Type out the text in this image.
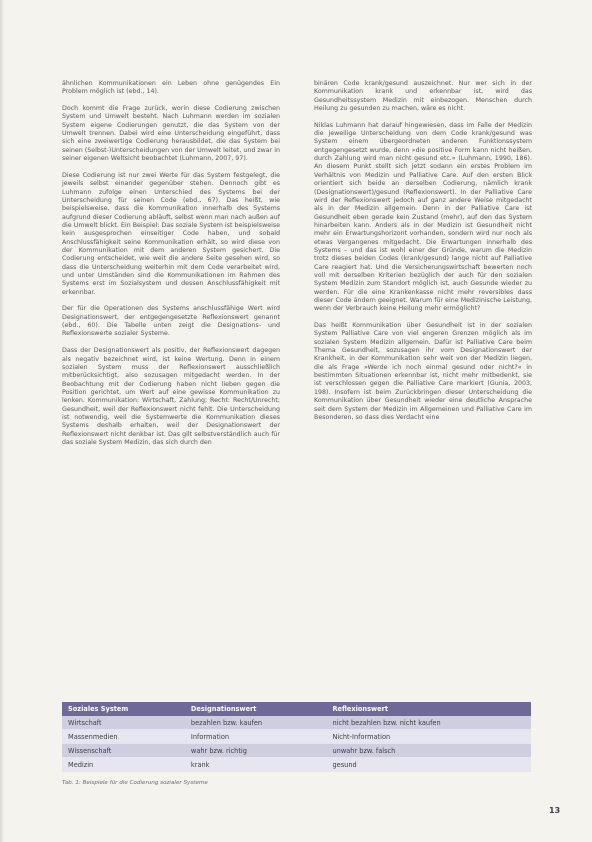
ähnlichen Kommunikationen ein Leben ohne genügendes Ein Problem möglich ist (ebd., 14).

Doch kommt die Frage zurück, worin diese Codierung zwischen System und Umwelt besteht. Nach Luhmann werden im sozialen System eigene Codierungen genutzt, die das System von der Umwelt trennen. Dabei wird eine Unterscheidung eingeführt, dass sich eine zweiwertige Codierung herausbildet, die das System bei seinen (Selbst-)Unterscheidungen von der Umwelt leitet, und zwar in seiner eigenen Weltsicht beobachtet (Luhmann, 2007, 97).

Diese Codierung ist nur zwei Werte für das System festgelegt, die jeweils selbst einander gegenüber stehen. Dennoch gibt es Luhmann zufolge einen Unterschied des Systems bei der Unterscheidung für seinen Code (ebd., 67). Das heißt, wie beispielsweise, dass die Kommunikation innerhalb des Systems aufgrund dieser Codierung abläuft, selbst wenn man nach außen auf die Umwelt blickt. Ein Beispiel: Das soziale System ist beispielsweise kein ausgesprochen einseitiger Code haben, und sobald Anschlussfähigkeit seine Kommunikation erhält, so wird diese von der Kommunikation mit dem anderen System gesichert. Die Codierung entscheidet, wie weit die andere Seite gesehen wird, so dass die Unterscheidung weiterhin mit dem Code verarbeitet wird, und unter Umständen sind die Kommunikationen im Rahmen des Systems erst im Sozialsystem und dessen Anschlussfähigkeit mit erkennbar.

Der für die Operationen des Systems anschlussfähige Wert wird Designationswert, der entgegengesetzte Reflexionswert genannt (ebd., 60). Die Tabelle unten zeigt die Designations- und Reflexionswerte sozialer Systeme.

Dass der Designationswert als positiv, der Reflexionswert dagegen als negativ bezeichnet wird, ist keine Wertung. Denn in einem sozialen System muss der Reflexionswert ausschließlich mitberücksichtigt, also sozusagen mitgedacht werden. In der Beobachtung mit der Codierung haben nicht lieben gegen die Position gerichtet, um Wert auf eine gewisse Kommunikation zu lenken. Kommunikation: Wirtschaft, Zahlung; Recht: Recht/Unrecht; Gesundheit, weil der Reflexionswert nicht fehlt. Die Unterscheidung ist notwendig, weil die Systemwerte die Kommunikation dieses Systems deshalb erhalten, weil der Designationswert der Reflexionswert nicht denkbar ist. Das gilt selbstverständlich auch für das soziale System Medizin, das sich durch den

binären Code krank/gesund auszeichnet. Nur wer sich in der Kommunikation krank und erkennbar ist, wird das Gesundheitssystem Medizin mit einbezogen. Menschen durch Heilung zu gesunden zu machen, wäre es nicht.

Niklas Luhmann hat darauf hingewiesen, dass im Falle der Medizin die jeweilige Unterscheidung von dem Code krank/gesund was System einem übergeordneten anderen Funktionssystem entgegengesetzt wurde, denn »die positive Form kann nicht heißen, durch Zahlung wird man nicht gesund etc.« (Luhmann, 1990, 186). An diesem Punkt stellt sich jetzt sodann ein erstes Problem im Verhältnis von Medizin und Palliative Care. Auf den ersten Blick orientiert sich beide an derselben Codierung, nämlich krank (Designationswert)/gesund (Reflexionswert). In der Palliative Care wird der Reflexionswert jedoch auf ganz andere Weise mitgedacht als in der Medizin allgemein. Denn in der Palliative Care ist Gesundheit eben gerade kein Zustand (mehr), auf den das System hinarbeiten kann. Anders als in der Medizin ist Gesundheit nicht mehr ein Erwartungshorizont vorhanden, sondern wird nur noch als etwas Vergangenes mitgedacht. Die Erwartungen innerhalb des Systems – und das ist wohl einer der Gründe, warum die Medizin trotz dieses beiden Codes (krank/gesund) lange nicht auf Palliative Care reagiert hat. Und die Versicherungswirtschaft bewerten noch voll mit derselben Kriterien bezüglich der auch für den sozialen System Medizin zum Standort möglich ist, auch Gesunde wieder zu werden. Für die eine Krankenkasse nicht mehr reversibles dass dieser Code ändern geeignet. Warum für eine Medizinische Leistung, wenn der Verbrauch keine Heilung mehr ermöglicht?

Das heißt Kommunikation über Gesundheit ist in der sozialen System Palliative Care von viel engeren Grenzen möglich als im sozialen System Medizin allgemein. Dafür ist Palliative Care beim Thema Gesundheit, sozusagen ihr vom Designationswert der Krankheit, in der Kommunikation sehr weit von der Medizin liegen, die als Frage »Werde ich noch einmal gesund oder nicht?« in bestimmten Situationen erkennbar ist, nicht mehr mitbedenkt, sie ist verschlossen gegen die Palliative Care markiert (Gunia, 2003, 198). Insofern ist beim Zurückbringen dieser Unterscheidung die Kommunikation über Gesundheit wieder eine deutliche Ansprache seit dem System der Medizin im Allgemeinen und Palliative Care im Besonderen, so dass dies Verdacht eine

Soziales System	Designationswert	Reflexionswert
Wirtschaft	bezahlen bzw. kaufen	nicht bezahlen bzw. nicht kaufen
Massenmedien	Information	Nicht-Information
Wissenschaft	wahr bzw. richtig	unwahr bzw. falsch
Medizin	krank	gesund
Tab. 1: Beispiele für die Codierung sozialer Systeme
13
